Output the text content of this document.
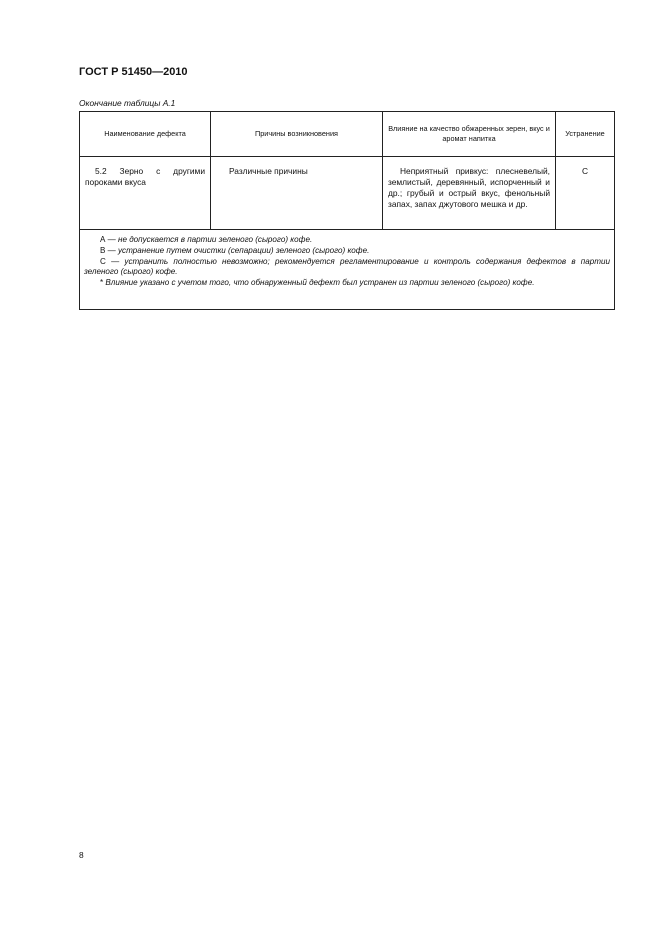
ГОСТ Р 51450—2010

Окончание таблицы А.1

Наименование дефекта	Причины возникновения	Влияние на качество обжаренных зерен, вкус и аромат напитка	Устранение
5.2 Зерно с другими пороками вкуса	Различные причины	Неприятный привкус: плесневелый, землистый, деревянный, испорченный и др.; грубый и острый вкус, фенольный запах, запах джутового мешка и др.	С

А — не допускается в партии зеленого (сырого) кофе.
В — устранение путем очистки (сепарации) зеленого (сырого) кофе.
С — устранить полностью невозможно; рекомендуется регламентирование и контроль содержания дефектов в партии зеленого (сырого) кофе.
* Влияние указано с учетом того, что обнаруженный дефект был устранен из партии зеленого (сырого) кофе.			

8
